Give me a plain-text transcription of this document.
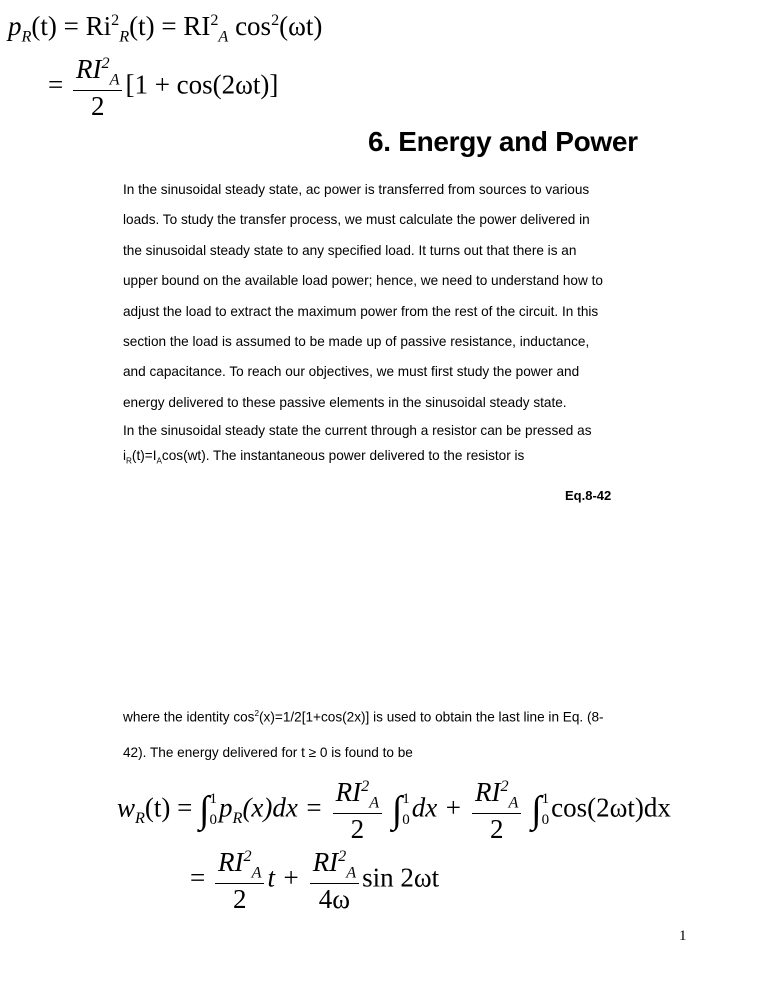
$p_R(t) = Ri^2_R(t) = RI^2_A$ $\cos^2(\omega t)$
= $\frac{RI^2_A}{2} [1 + \cos(2\omega t)]$
6. Energy and Power
In the sinusoidal steady state, ac power is transferred from sources to various
loads. To study the transfer process, we must calculate the power delivered in
the sinusoidal steady state to any specified load. It turns out that there is an
upper bound on the available load power; hence, we need to understand how to
adjust the load to extract the maximum power from the rest of the circuit. In this
section the load is assumed to be made up of passive resistance, inductance,
and capacitance. To reach our objectives, we must first study the power and
energy delivered to these passive elements in the sinusoidal steady state.
In the sinusoidal steady state the current through a resistor can be pressed as
$i_R(t)=I_A\cos(wt)$. The instantaneous power delivered to the resistor is
Eq.8-42
where the identity $\cos^2(x)=1/2[1+\cos(2x)]$ is used to obtain the last line in Eq. (8-
42). The energy delivered for t ≥ 0 is found to be
$w_R(t)$ = ∫ 1
0 $p_R(x)dx = \frac{RI^2_A}{2}$ ∫ 1
0 dx + $\frac{RI^2_A}{2}$ ∫ 1
0 cos(2ωt)dx
= $\frac{RI^2_A}{2}$ $t + \frac{RI^2_A}{4\omega}$ sin 2ωt
1
